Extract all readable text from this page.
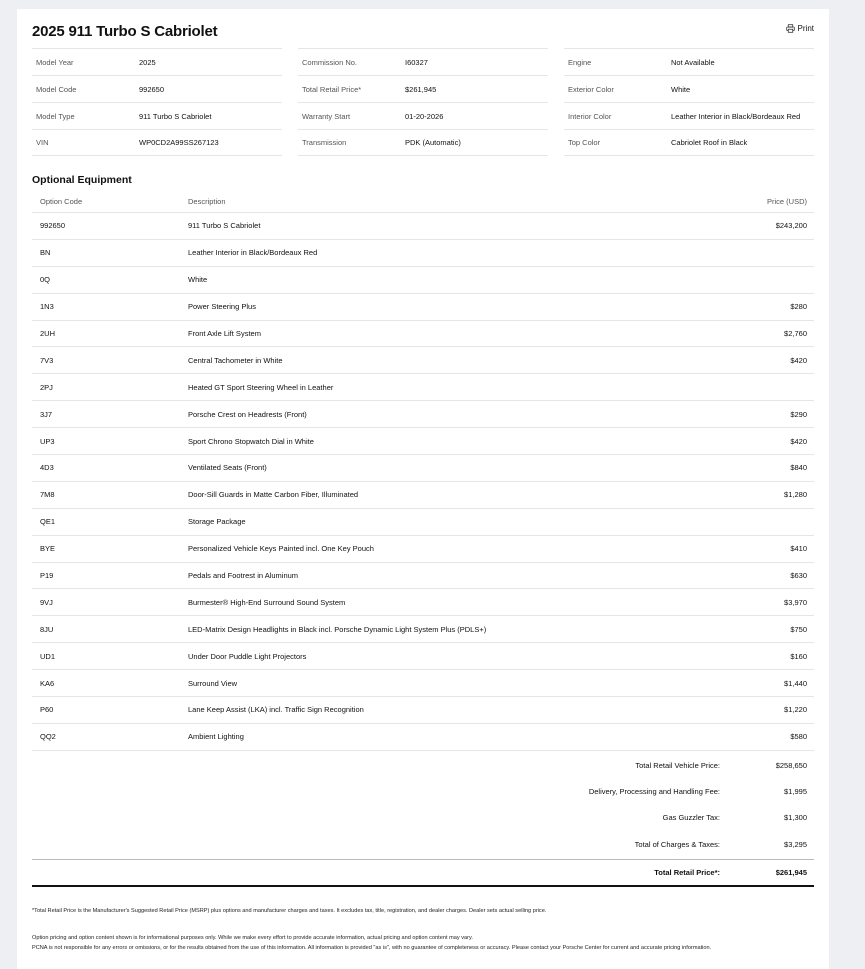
2025 911 Turbo S Cabriolet	Print
Model Year	2025
Model Code	992650
Model Type	911 Turbo S Cabriolet
VIN	WP0CD2A99SS267123
Commission No.	I60327
Total Retail Price*	$261,945
Warranty Start	01-20-2026
Transmission	PDK (Automatic)
Engine	Not Available
Exterior Color	White
Interior Color	Leather Interior in Black/Bordeaux Red
Top Color	Cabriolet Roof in Black
Optional Equipment
Option Code	Description	Price (USD)
992650	911 Turbo S Cabriolet	$243,200
BN	Leather Interior in Black/Bordeaux Red
0Q	White
1N3	Power Steering Plus	$280
2UH	Front Axle Lift System	$2,760
7V3	Central Tachometer in White	$420
2PJ	Heated GT Sport Steering Wheel in Leather
3J7	Porsche Crest on Headrests (Front)	$290
UP3	Sport Chrono Stopwatch Dial in White	$420
4D3	Ventilated Seats (Front)	$840
7M8	Door-Sill Guards in Matte Carbon Fiber, Illuminated	$1,280
QE1	Storage Package
BYE	Personalized Vehicle Keys Painted incl. One Key Pouch	$410
P19	Pedals and Footrest in Aluminum	$630
9VJ	Burmester® High-End Surround Sound System	$3,970
8JU	LED-Matrix Design Headlights in Black incl. Porsche Dynamic Light System Plus (PDLS+)	$750
UD1	Under Door Puddle Light Projectors	$160
KA6	Surround View	$1,440
P60	Lane Keep Assist (LKA) incl. Traffic Sign Recognition	$1,220
QQ2	Ambient Lighting	$580
Total Retail Vehicle Price:	$258,650
Delivery, Processing and Handling Fee:	$1,995
Gas Guzzler Tax:	$1,300
Total of Charges & Taxes:	$3,295
Total Retail Price*:	$261,945
*Total Retail Price is the Manufacturer's Suggested Retail Price (MSRP) plus options and manufacturer charges and taxes. It excludes tax, title, registration, and dealer charges. Dealer sets actual selling price.
Option pricing and option content shown is for informational purposes only. While we make every effort to provide accurate information, actual pricing and option content may vary.
PCNA is not responsible for any errors or omissions, or for the results obtained from the use of this information. All information is provided "as is", with no guarantee of completeness or accuracy. Please contact your Porsche Center for current and accurate pricing information.
